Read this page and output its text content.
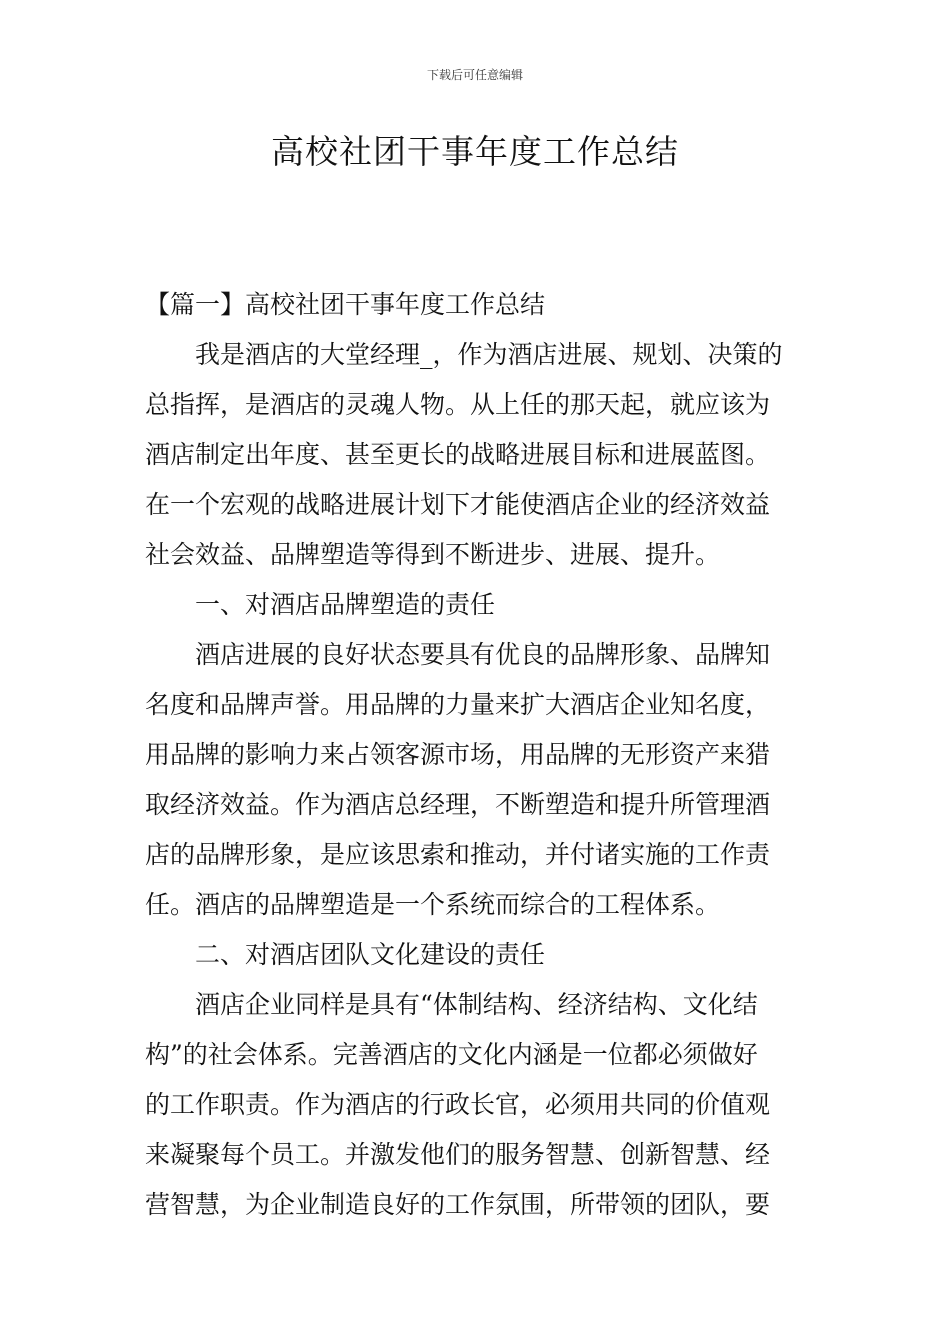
下载后可任意编辑
高校社团干事年度工作总结
【篇一】高校社团干事年度工作总结
我是酒店的大堂经理_，作为酒店进展、规划、决策的
总指挥，是酒店的灵魂人物。从上任的那天起，就应该为
酒店制定出年度、甚至更长的战略进展目标和进展蓝图。
在一个宏观的战略进展计划下才能使酒店企业的经济效益
社会效益、品牌塑造等得到不断进步、进展、提升。
一、对酒店品牌塑造的责任
酒店进展的良好状态要具有优良的品牌形象、品牌知
名度和品牌声誉。用品牌的力量来扩大酒店企业知名度，
用品牌的影响力来占领客源市场，用品牌的无形资产来猎
取经济效益。作为酒店总经理，不断塑造和提升所管理酒
店的品牌形象，是应该思索和推动，并付诸实施的工作责
任。酒店的品牌塑造是一个系统而综合的工程体系。
二、对酒店团队文化建设的责任
酒店企业同样是具有“体制结构、经济结构、文化结
构”的社会体系。完善酒店的文化内涵是一位都必须做好
的工作职责。作为酒店的行政长官，必须用共同的价值观
来凝聚每个员工。并激发他们的服务智慧、创新智慧、经
营智慧，为企业制造良好的工作氛围，所带领的团队，要
